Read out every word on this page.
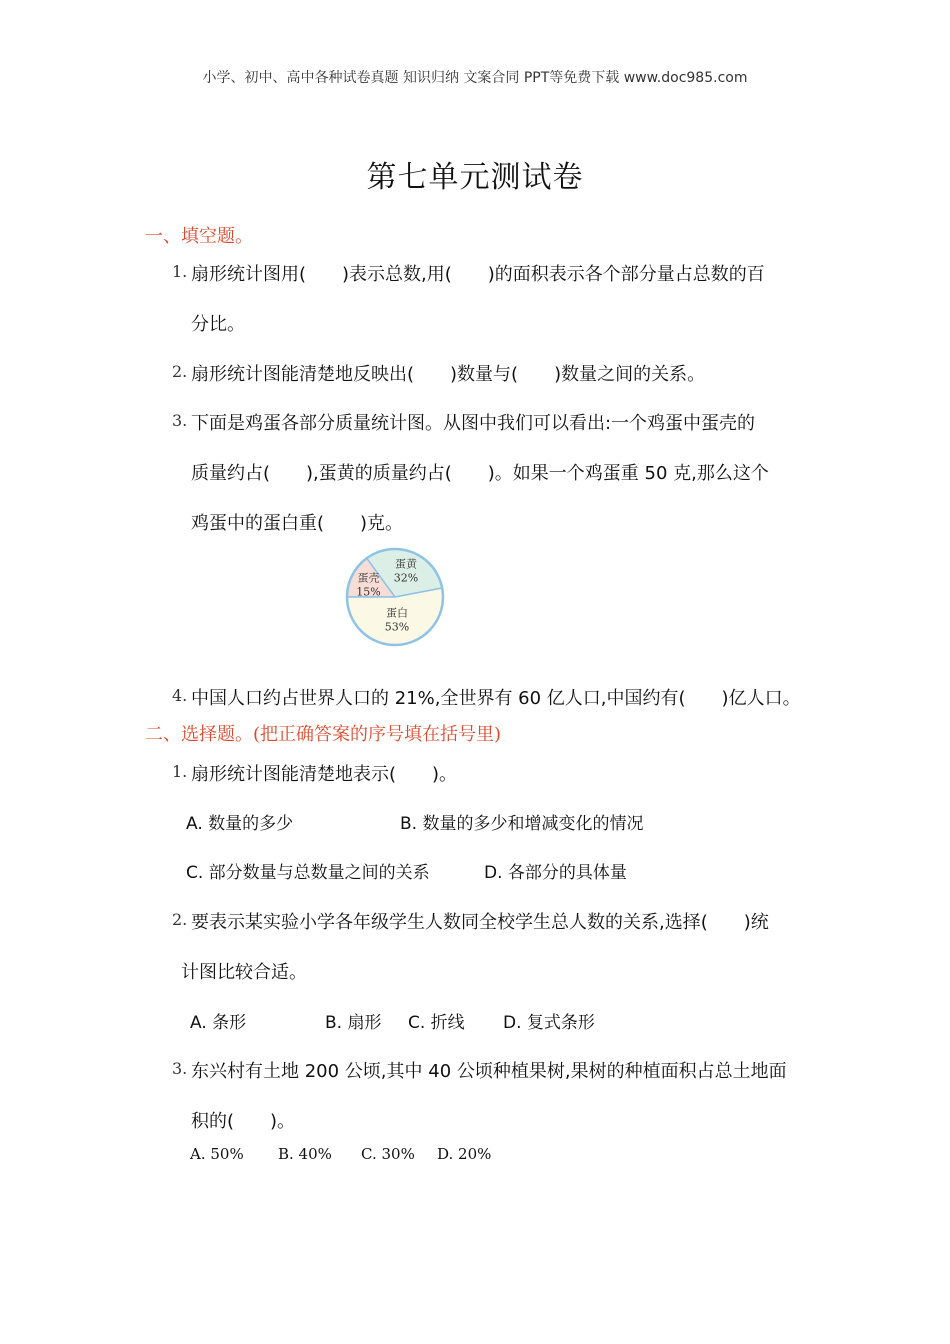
小学、初中、高中各种试卷真题 知识归纳 文案合同 PPT等免费下载 www.doc985.com
第七单元测试卷
一、填空题。
1. 扇形统计图用(　　)表示总数,用(　　)的面积表示各个部分量占总数的百
分比。
2. 扇形统计图能清楚地反映出(　　)数量与(　　)数量之间的关系。
3. 下面是鸡蛋各部分质量统计图。从图中我们可以看出:一个鸡蛋中蛋壳的
质量约占(　　),蛋黄的质量约占(　　)。如果一个鸡蛋重 50 克,那么这个
鸡蛋中的蛋白重(　　)克。
蛋壳
15%
蛋黄
32%
蛋白
53%
4. 中国人口约占世界人口的 21%,全世界有 60 亿人口,中国约有(　　)亿人口。
二、选择题。(把正确答案的序号填在括号里)
1. 扇形统计图能清楚地表示(　　)。
A. 数量的多少	B. 数量的多少和增减变化的情况
C. 部分数量与总数量之间的关系	D. 各部分的具体量
2. 要表示某实验小学各年级学生人数同全校学生总人数的关系,选择(　　)统
计图比较合适。
A. 条形	B. 扇形 C. 折线 D. 复式条形
3. 东兴村有土地 200 公顷,其中 40 公顷种植果树,果树的种植面积占总土地面
积的(　　)。
A. 50% B. 40% C. 30% D. 20%
